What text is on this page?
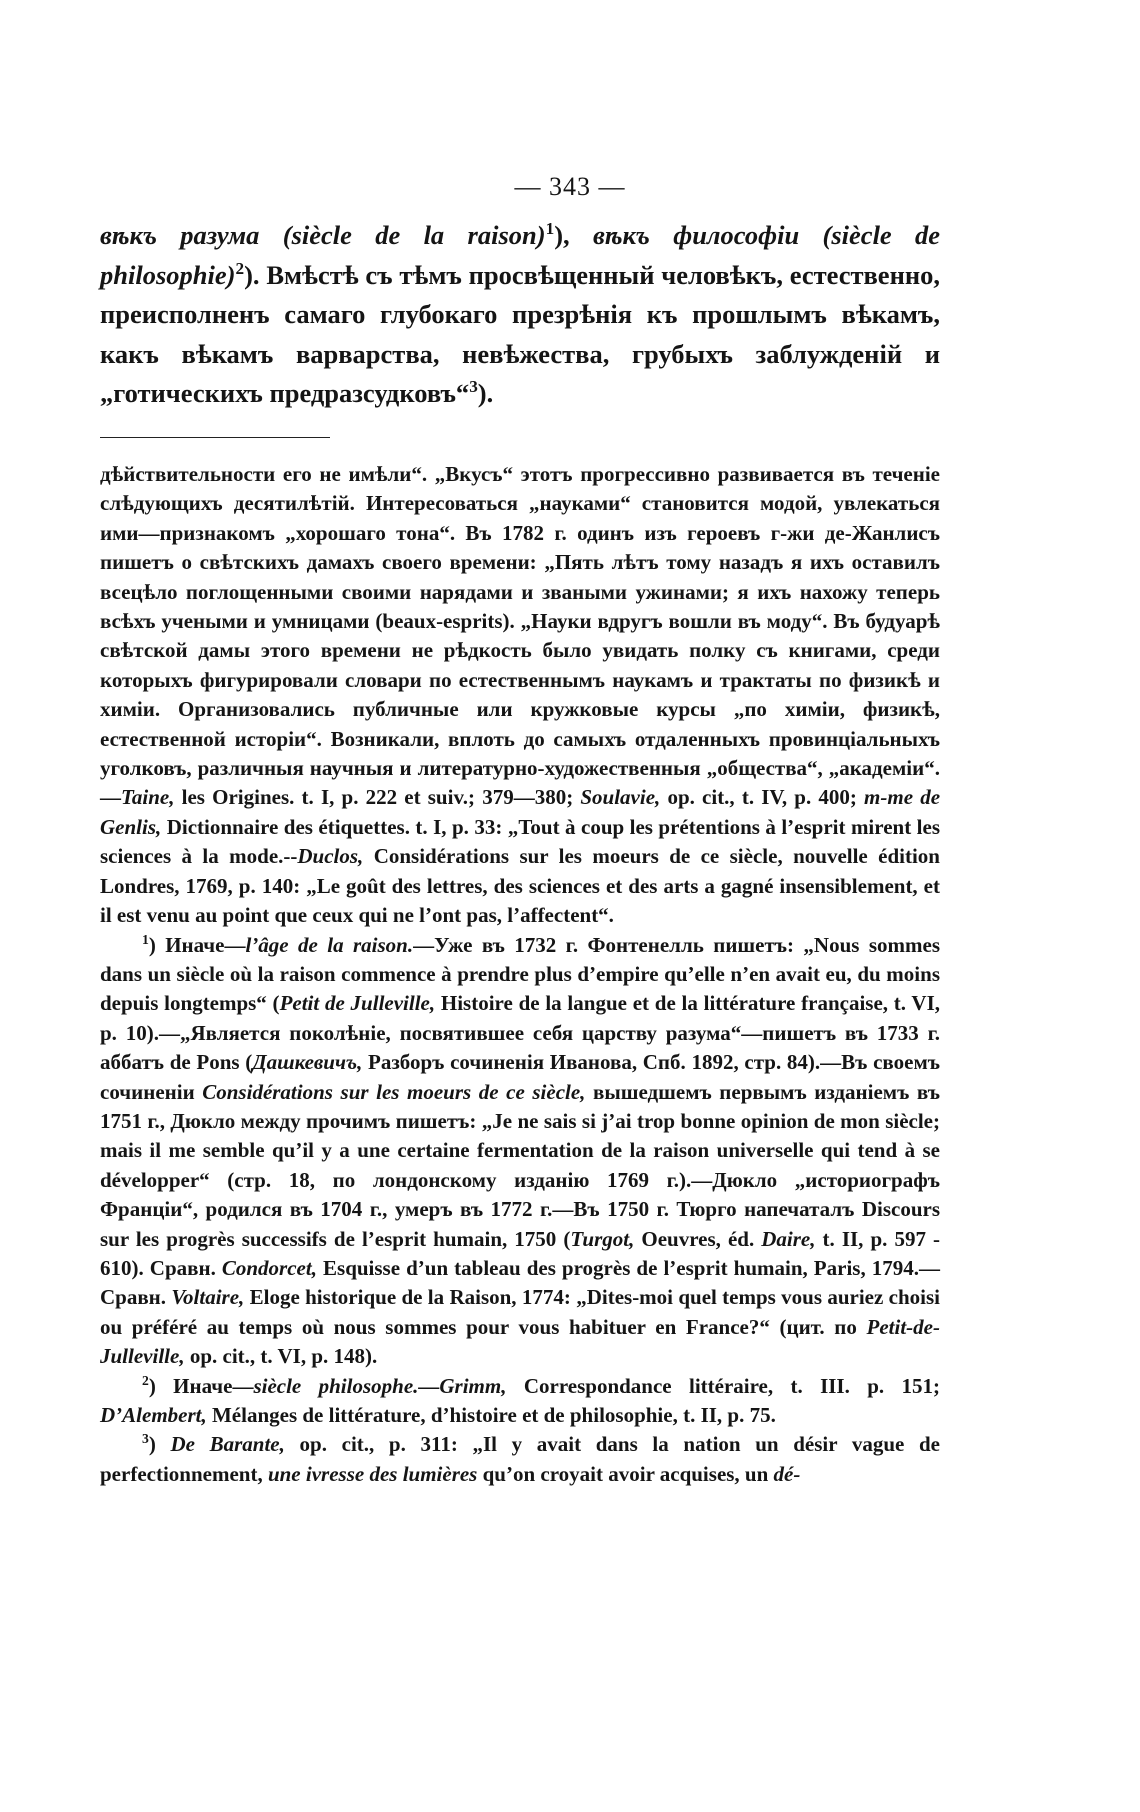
— 343 —

вѣкъ разума (siècle de la raison)$^1$), вѣкъ философіи (siècle de philosophie)$^2$). Вмѣстѣ съ тѣмъ просвѣщенный человѣкъ, естественно, преисполненъ самаго глубокаго презрѣнія къ прошлымъ вѣкамъ, какъ вѣкамъ варварства, невѣжества, грубыхъ заблужденій и „готическихъ предразсудковъ“$^3$).

дѣйствительности его не имѣли“. „Вкусъ“ этотъ прогрессивно развивается въ теченіе слѣдующихъ десятилѣтій. Интересоваться „науками“ становится модой, увлекаться ими—признакомъ „хорошаго тона“. Въ 1782 г. одинъ изъ героевъ г-жи де-Жанлисъ пишетъ о свѣтскихъ дамахъ своего времени: „Пять лѣтъ тому назадъ я ихъ оставилъ всецѣло поглощенными своими нарядами и зваными ужинами; я ихъ нахожу теперь всѣхъ учеными и умницами (beaux-esprits). „Науки вдругъ вошли въ моду“. Въ будуарѣ свѣтской дамы этого времени не рѣдкость было увидать полку съ книгами, среди которыхъ фигурировали словари по естественнымъ наукамъ и трактаты по физикѣ и химіи. Организовались публичные или кружковые курсы „по химіи, физикѣ, естественной исторіи“. Возникали, вплоть до самыхъ отдаленныхъ провинціальныхъ уголковъ, различныя научныя и литературно-художественныя „общества“, „академіи“.—Taine, les Origines. t. I, p. 222 et suiv.; 379—380; Soulavie, op. cit., t. IV, p. 400; m-me de Genlis, Dictionnaire des étiquettes. t. I, p. 33: „Tout à coup les prétentions à l’esprit mirent les sciences à la mode.--Duclos, Considérations sur les moeurs de ce siècle, nouvelle édition Londres, 1769, p. 140: „Le goût des lettres, des sciences et des arts a gagné insensiblement, et il est venu au point que ceux qui ne l’ont pas, l’affectent“.

$^1$) Иначе—l’âge de la raison.—Уже въ 1732 г. Фонтенелль пишетъ: „Nous sommes dans un siècle où la raison commence à prendre plus d’empire qu’elle n’en avait eu, du moins depuis longtemps“ (Petit de Julleville, Histoire de la langue et de la littérature française, t. VI, p. 10).—„Является поколѣніе, посвятившее себя царству разума“—пишетъ въ 1733 г. аббатъ de Pons (Дашкевичъ, Разборъ сочиненія Иванова, Спб. 1892, стр. 84).—Въ своемъ сочиненіи Considérations sur les moeurs de ce siècle, вышедшемъ первымъ изданіемъ въ 1751 г., Дюкло между прочимъ пишетъ: „Je ne sais si j’ai trop bonne opinion de mon siècle; mais il me semble qu’il y a une certaine fermentation de la raison universelle qui tend à se développer“ (стр. 18, по лондонскому изданію 1769 г.).—Дюкло „историографъ Франціи“, родился въ 1704 г., умеръ въ 1772 г.—Въ 1750 г. Тюрго напечаталъ Discours sur les progrès successifs de l’esprit humain, 1750 (Turgot, Oeuvres, éd. Daire, t. II, p. 597 - 610). Сравн. Condorcet, Esquisse d’un tableau des progrès de l’esprit humain, Paris, 1794.—Сравн. Voltaire, Eloge historique de la Raison, 1774: „Dites-moi quel temps vous auriez choisi ou préféré au temps où nous sommes pour vous habituer en France?“ (цит. по Petit-de-Julleville, op. cit., t. VI, p. 148).

$^2$) Иначе—siècle philosophe.—Grimm, Correspondance littéraire, t. III. p. 151; D’Alembert, Mélanges de littérature, d’histoire et de philosophie, t. II, p. 75.

$^3$) De Barante, op. cit., p. 311: „Il y avait dans la nation un désir vague de perfectionnement, une ivresse des lumières qu’on croyait avoir acquises, un dé-
